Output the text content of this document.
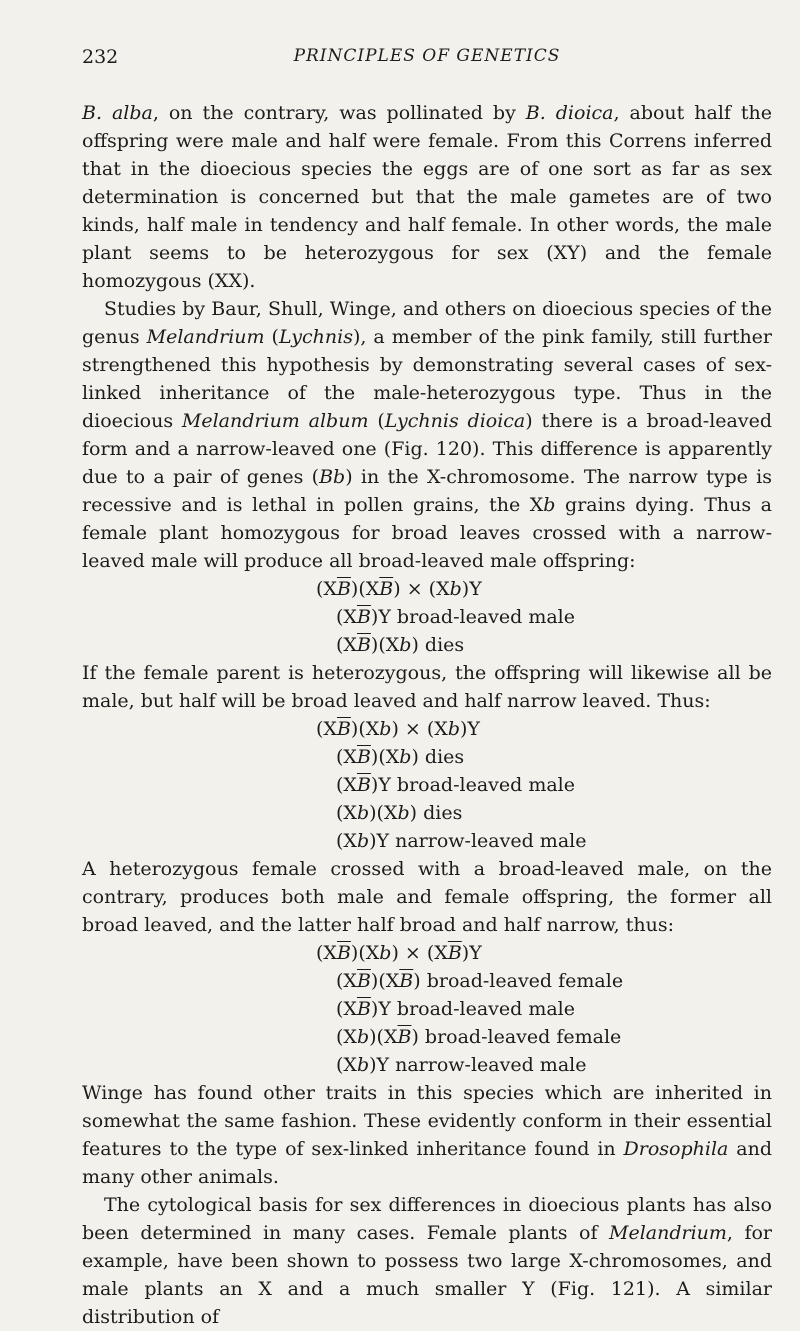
232	PRINCIPLES OF GENETICS

B. alba, on the contrary, was pollinated by B. dioica, about half the offspring were male and half were female. From this Correns inferred that in the dioecious species the eggs are of one sort as far as sex determination is concerned but that the male gametes are of two kinds, half male in tendency and half female. In other words, the male plant seems to be heterozygous for sex (XY) and the female homozygous (XX).

Studies by Baur, Shull, Winge, and others on dioecious species of the genus Melandrium (Lychnis), a member of the pink family, still further strengthened this hypothesis by demonstrating several cases of sex-linked inheritance of the male-heterozygous type. Thus in the dioecious Melandrium album (Lychnis dioica) there is a broad-leaved form and a narrow-leaved one (Fig. 120). This difference is apparently due to a pair of genes (Bb) in the X-chromosome. The narrow type is recessive and is lethal in pollen grains, the Xb grains dying. Thus a female plant homozygous for broad leaves crossed with a narrow-leaved male will produce all broad-leaved male offspring:

$(X\overline{B})(X\overline{B}) \times (Xb)Y$
$(X\overline{B})Y$ broad-leaved male
$(X\overline{B})(Xb)$ dies

If the female parent is heterozygous, the offspring will likewise all be male, but half will be broad leaved and half narrow leaved. Thus:

$(X\overline{B})(Xb) \times (Xb)Y$
$(X\overline{B})(Xb)$ dies
$(X\overline{B})Y$ broad-leaved male
(Xb)(Xb) dies
(Xb)Y narrow-leaved male

A heterozygous female crossed with a broad-leaved male, on the contrary, produces both male and female offspring, the former all broad leaved, and the latter half broad and half narrow, thus:

$(X\overline{B})(Xb) \times (X\overline{B})Y$
$(X\overline{B})(X\overline{B})$ broad-leaved female
$(X\overline{B})Y$ broad-leaved male
$(Xb)(X\overline{B})$ broad-leaved female
(Xb)Y narrow-leaved male

Winge has found other traits in this species which are inherited in somewhat the same fashion. These evidently conform in their essential features to the type of sex-linked inheritance found in Drosophila and many other animals.

The cytological basis for sex differences in dioecious plants has also been determined in many cases. Female plants of Melandrium, for example, have been shown to possess two large X-chromosomes, and male plants an X and a much smaller Y (Fig. 121). A similar distribution of
